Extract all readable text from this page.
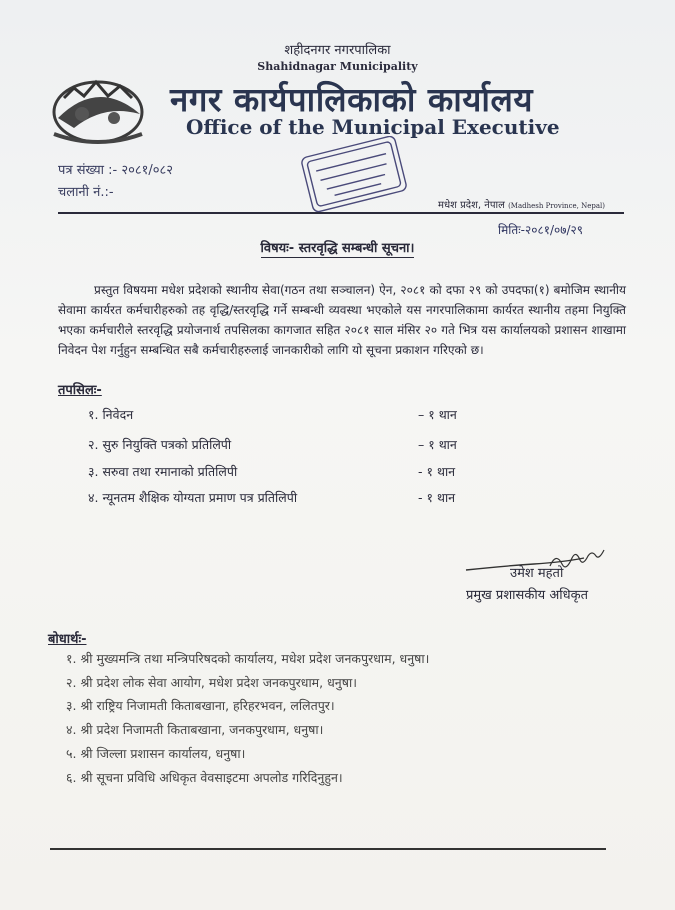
शहीदनगर नगरपालिका
Shahidnagar Municipality
नगर कार्यपालिकाको कार्यालय
Office of the Municipal Executive
पत्र संख्या :- २०८१/०८२
चलानी नं.:-
मधेश प्रदेश, नेपाल (Madhesh Province, Nepal)
मितिः-२०८१/०७/२९
विषयः- स्तरवृद्धि सम्बन्धी सूचना।
प्रस्तुत विषयमा मधेश प्रदेशको स्थानीय सेवा(गठन तथा सञ्चालन) ऐन, २०८१ को दफा २९ को उपदफा(१) बमोजिम स्थानीय सेवामा कार्यरत कर्मचारीहरुको तह वृद्धि/स्तरवृद्धि गर्ने सम्बन्धी व्यवस्था भएकोले यस नगरपालिकामा कार्यरत स्थानीय तहमा नियुक्ति भएका कर्मचारीले स्तरवृद्धि प्रयोजनार्थ तपसिलका कागजात सहित २०८१ साल मंसिर २० गते भित्र यस कार्यालयको प्रशासन शाखामा निवेदन पेश गर्नुहुन सम्बन्धित सबै कर्मचारीहरुलाई जानकारीको लागि यो सूचना प्रकाशन गरिएको छ।
तपसिलः-
१. निवेदन	– १ थान
२. सुरु नियुक्ति पत्रको प्रतिलिपी	– १ थान
३. सरुवा तथा रमानाको प्रतिलिपी	- १ थान
४. न्यूनतम शैक्षिक योग्यता प्रमाण पत्र प्रतिलिपी	- १ थान
उमेश महतो
प्रमुख प्रशासकीय अधिकृत
बोधार्थः-
१. श्री मुख्यमन्त्रि तथा मन्त्रिपरिषदको कार्यालय, मधेश प्रदेश जनकपुरधाम, धनुषा।
२. श्री प्रदेश लोक सेवा आयोग, मधेश प्रदेश जनकपुरधाम, धनुषा।
३. श्री राष्ट्रिय निजामती किताबखाना, हरिहरभवन, ललितपुर।
४. श्री प्रदेश निजामती किताबखाना, जनकपुरधाम, धनुषा।
५. श्री जिल्ला प्रशासन कार्यालय, धनुषा।
६. श्री सूचना प्रविधि अधिकृत वेवसाइटमा अपलोड गरिदिनुहुन।
